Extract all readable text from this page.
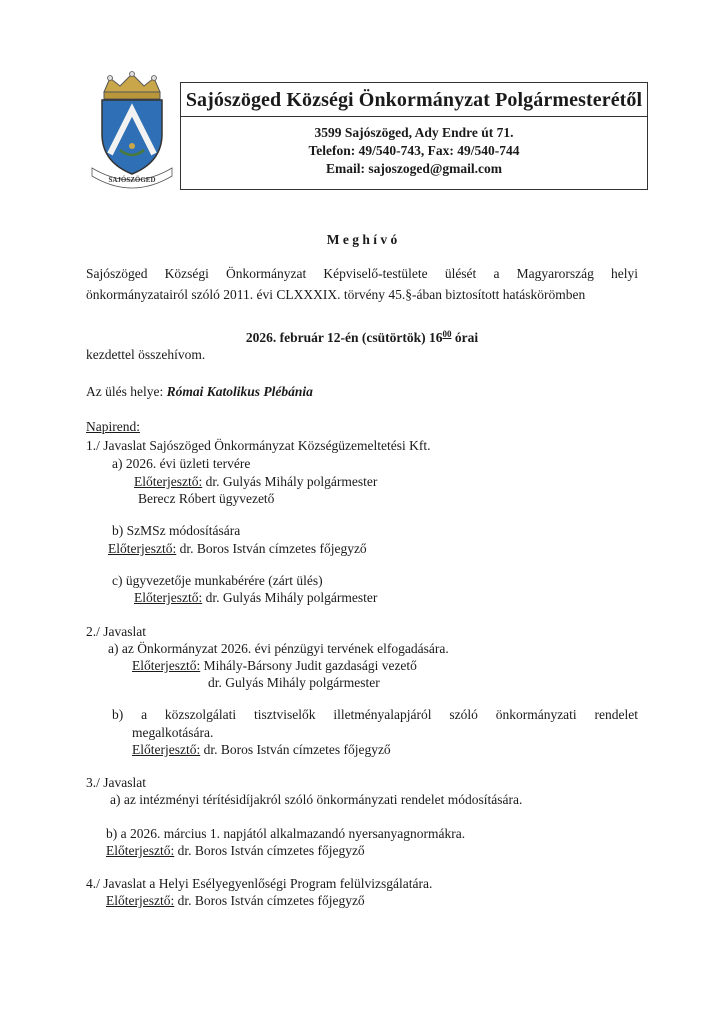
SAJÓSZÖGED
Sajószöged Községi Önkormányzat Polgármesterétől
3599 Sajószöged, Ady Endre út 71.
Telefon: 49/540-743, Fax: 49/540-744
Email: sajoszoged@gmail.com
M e g h í v ó
Sajószöged Községi Önkormányzat Képviselő-testülete ülését a Magyarország helyi
önkormányzatairól szóló 2011. évi CLXXXIX. törvény 45.§-ában biztosított hatáskörömben
2026. február 12-én (csütörtök) $16^{00}$ órai
kezdettel összehívom.
Az ülés helye: Római Katolikus Plébánia
Napirend:
1./ Javaslat Sajószöged Önkormányzat Községüzemeltetési Kft.
a) 2026. évi üzleti tervére
Előterjesztő: dr. Gulyás Mihály polgármester
Berecz Róbert ügyvezető
b) SzMSz módosítására
Előterjesztő: dr. Boros István címzetes főjegyző
c) ügyvezetője munkabérére (zárt ülés)
Előterjesztő: dr. Gulyás Mihály polgármester
2./ Javaslat
a) az Önkormányzat 2026. évi pénzügyi tervének elfogadására.
Előterjesztő: Mihály-Bársony Judit gazdasági vezető
dr. Gulyás Mihály polgármester
b) a közszolgálati tisztviselők illetményalapjáról szóló önkormányzati rendelet
megalkotására.
Előterjesztő: dr. Boros István címzetes főjegyző
3./ Javaslat
a) az intézményi térítésidíjakról szóló önkormányzati rendelet módosítására.
b) a 2026. március 1. napjától alkalmazandó nyersanyagnormákra.
Előterjesztő: dr. Boros István címzetes főjegyző
4./ Javaslat a Helyi Esélyegyenlőségi Program felülvizsgálatára.
Előterjesztő: dr. Boros István címzetes főjegyző
